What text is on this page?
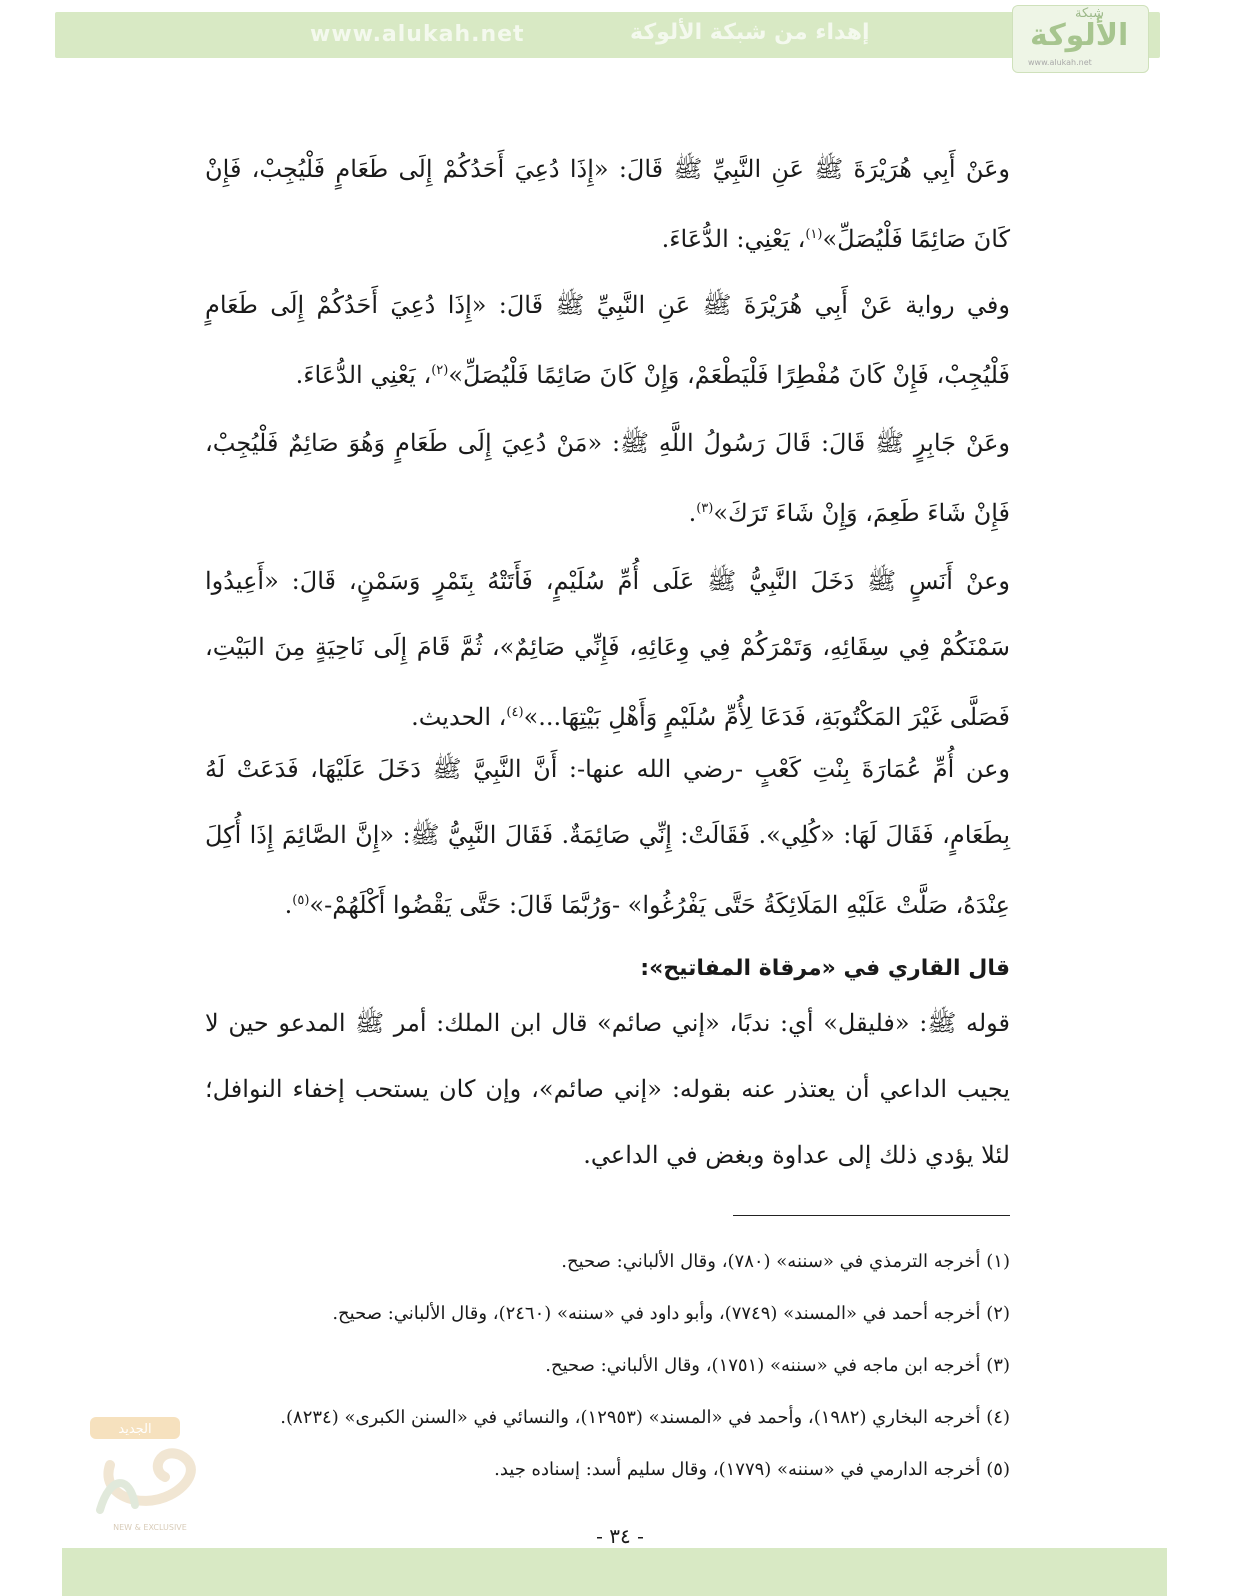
www.alukah.net	إهداء من شبكة الألوكة
شبكة
الألوكة
www.alukah.net

وعَنْ أَبِي هُرَيْرَةَ ﷺ عَنِ النَّبِيِّ ﷺ قَالَ: «إِذَا دُعِيَ أَحَدُكُمْ إِلَى طَعَامٍ فَلْيُجِبْ، فَإِنْ كَانَ صَائِمًا فَلْيُصَلِّ»$^{(١)}$، يَعْنِي: الدُّعَاءَ.

وفي رواية عَنْ أَبِي هُرَيْرَةَ ﷺ عَنِ النَّبِيِّ ﷺ قَالَ: «إِذَا دُعِيَ أَحَدُكُمْ إِلَى طَعَامٍ فَلْيُجِبْ، فَإِنْ كَانَ مُفْطِرًا فَلْيَطْعَمْ، وَإِنْ كَانَ صَائِمًا فَلْيُصَلِّ»$^{(٢)}$، يَعْنِي الدُّعَاءَ.

وعَنْ جَابِرٍ ﷺ قَالَ: قَالَ رَسُولُ اللَّهِ ﷺ: «مَنْ دُعِيَ إِلَى طَعَامٍ وَهُوَ صَائِمٌ فَلْيُجِبْ، فَإِنْ شَاءَ طَعِمَ، وَإِنْ شَاءَ تَرَكَ»$^{(٣)}$.

وعنْ أَنَسٍ ﷺ دَخَلَ النَّبِيُّ ﷺ عَلَى أُمِّ سُلَيْمٍ، فَأَتَتْهُ بِتَمْرٍ وَسَمْنٍ، قَالَ: «أَعِيدُوا سَمْنَكُمْ فِي سِقَائِهِ، وَتَمْرَكُمْ فِي وِعَائِهِ، فَإِنِّي صَائِمٌ»، ثُمَّ قَامَ إِلَى نَاحِيَةٍ مِنَ البَيْتِ، فَصَلَّى غَيْرَ المَكْتُوبَةِ، فَدَعَا لِأُمِّ سُلَيْمٍ وَأَهْلِ بَيْتِهَا...»$^{(٤)}$، الحديث.

وعن أُمِّ عُمَارَةَ بِنْتِ كَعْبٍ -رضي الله عنها-: أَنَّ النَّبِيَّ ﷺ دَخَلَ عَلَيْهَا، فَدَعَتْ لَهُ بِطَعَامٍ، فَقَالَ لَهَا: «كُلِي». فَقَالَتْ: إِنِّي صَائِمَةٌ. فَقَالَ النَّبِيُّ ﷺ: «إِنَّ الصَّائِمَ إِذَا أُكِلَ عِنْدَهُ، صَلَّتْ عَلَيْهِ المَلَائِكَةُ حَتَّى يَفْرُغُوا» -وَرُبَّمَا قَالَ: حَتَّى يَقْضُوا أَكْلَهُمْ-»$^{(٥)}$.

قال القاري في «مرقاة المفاتيح»:

قوله ﷺ: «فليقل» أي: ندبًا، «إني صائم» قال ابن الملك: أمر ﷺ المدعو حين لا يجيب الداعي أن يعتذر عنه بقوله: «إني صائم»، وإن كان يستحب إخفاء النوافل؛ لئلا يؤدي ذلك إلى عداوة وبغض في الداعي.

(١) أخرجه الترمذي في «سننه» (٧٨٠)، وقال الألباني: صحيح.
(٢) أخرجه أحمد في «المسند» (٧٧٤٩)، وأبو داود في «سننه» (٢٤٦٠)، وقال الألباني: صحيح.
(٣) أخرجه ابن ماجه في «سننه» (١٧٥١)، وقال الألباني: صحيح.
(٤) أخرجه البخاري (١٩٨٢)، وأحمد في «المسند» (١٢٩٥٣)، والنسائي في «السنن الكبرى» (٨٢٣٤).
(٥) أخرجه الدارمي في «سننه» (١٧٧٩)، وقال سليم أسد: إسناده جيد.
الجديد
NEW & EXCLUSIVE	- ٣٤ -
